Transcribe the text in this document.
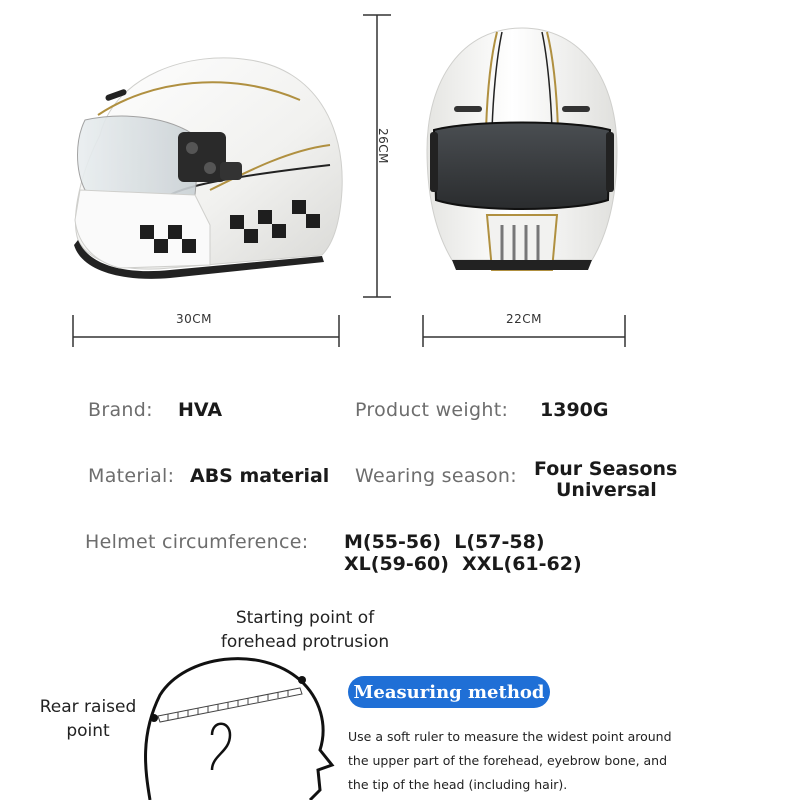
26CM
30CM	22CM
Brand: HVA	Product weight: 1390G
Material: ABS material Wearing season: Four Seasons
Universal
Helmet circumference: M(55-56)  L(57-58)
XL(59-60)  XXL(61-62)
Starting point of
forehead protrusion
Rear raised
point
Measuring method
Use a soft ruler to measure the widest point around
the upper part of the forehead, eyebrow bone, and
the tip of the head (including hair).
